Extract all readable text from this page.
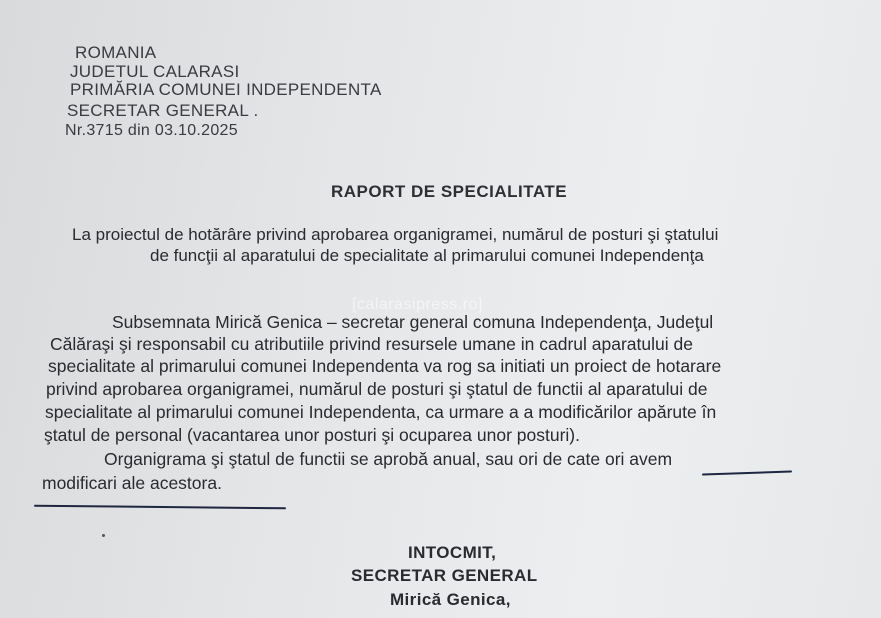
ROMANIA
JUDETUL CALARASI
PRIMĂRIA COMUNEI INDEPENDENTA
SECRETAR GENERAL .
Nr.3715 din 03.10.2025
RAPORT DE SPECIALITATE
La proiectul de hotărâre privind aprobarea organigramei, numărul de posturi şi ştatului
de funcţii al aparatului de specialitate al primarului comunei Independenţa
[calarasipress.ro]
Subsemnata Mirică Genica – secretar general comuna Independenţa, Judeţul
Călăraşi şi responsabil cu atributiile privind resursele umane in cadrul aparatului de
specialitate al primarului comunei Independenta va rog sa initiati un proiect de hotarare
privind aprobarea organigramei, numărul de posturi şi ştatul de functii al aparatului de
specialitate al primarului comunei Independenta, ca urmare a a modificărilor apărute în
ştatul de personal (vacantarea unor posturi şi ocuparea unor posturi).
Organigrama şi ştatul de functii se aprobă anual, sau ori de cate ori avem
modificari ale acestora.
INTOCMIT,
SECRETAR GENERAL
Mirică Genica,
